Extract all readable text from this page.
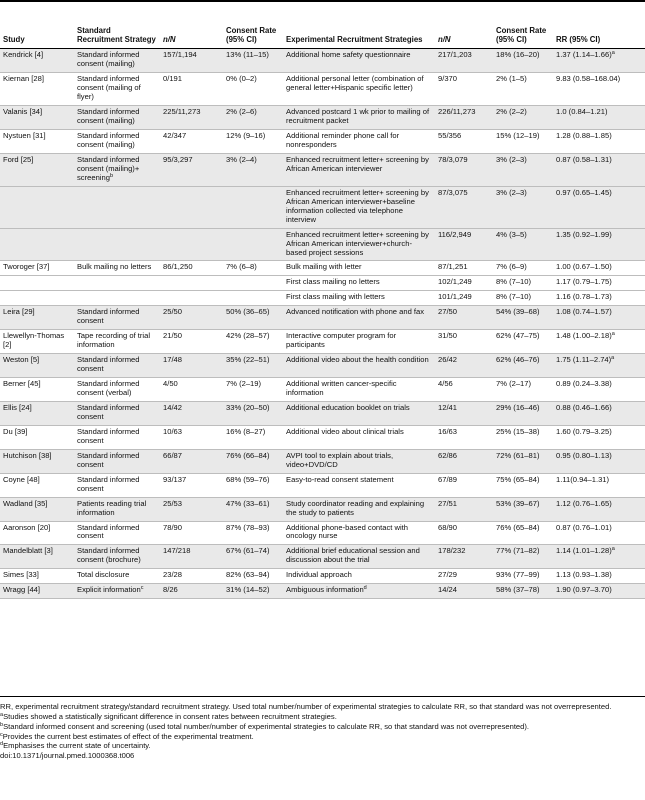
Study	Standard Recruitment Strategy	n/N	Consent Rate (95% CI)	Experimental Recruitment Strategies	n/N	Consent Rate (95% CI)	RR (95% CI)
Kendrick [4]	Standard informed consent (mailing)	157/1,194	13% (11–15)	Additional home safety questionnaire	217/1,203	18% (16–20)	1.37 $(1.14-1.66)^a$
Kiernan [28]	Standard informed consent (mailing of flyer)	0/191	0% (0–2)	Additional personal letter (combination of general letter+Hispanic specific letter)	9/370	2% (1–5)	9.83 (0.58–168.04)
Valanis [34]	Standard informed consent (mailing)	225/11,273	2% (2–6)	Advanced postcard 1 wk prior to mailing of recruitment packet	226/11,273	2% (2–2)	1.0 (0.84–1.21)
Nystuen [31]	Standard informed consent (mailing)	42/347	12% (9–16)	Additional reminder phone call for nonresponders	55/356	15% (12–19)	1.28 (0.88–1.85)
Ford [25]	Standard informed consent (mailing)+ screening$^b$	95/3,297	3% (2–4)	Enhanced recruitment letter+ screening by African American interviewer	78/3,079	3% (2–3)	0.87 (0.58–1.31)
				Enhanced recruitment letter+ screening by African American interviewer+baseline information collected via telephone interview	87/3,075	3% (2–3)	0.97 (0.65–1.45)
				Enhanced recruitment letter+ screening by African American interviewer+church-based project sessions	116/2,949	4% (3–5)	1.35 (0.92–1.99)
Tworoger [37]	Bulk mailing no letters	86/1,250	7% (6–8)	Bulk mailing with letter	87/1,251	7% (6–9)	1.00 (0.67–1.50)
				First class mailing no letters	102/1,249	8% (7–10)	1.17 (0.79–1.75)
				First class mailing with letters	101/1,249	8% (7–10)	1.16 (0.78–1.73)
Leira [29]	Standard informed consent	25/50	50% (36–65)	Advanced notification with phone and fax	27/50	54% (39–68)	1.08 (0.74–1.57)
Llewellyn-Thomas [2]	Tape recording of trial information	21/50	42% (28–57)	Interactive computer program for participants	31/50	62% (47–75)	1.48 $(1.00-2.18)^a$
Weston [5]	Standard informed consent	17/48	35% (22–51)	Additional video about the health condition	26/42	62% (46–76)	1.75 $(1.11-2.74)^a$
Berner [45]	Standard informed consent (verbal)	4/50	7% (2–19)	Additional written cancer-specific information	4/56	7% (2–17)	0.89 (0.24–3.38)
Ellis [24]	Standard informed consent	14/42	33% (20–50)	Additional education booklet on trials	12/41	29% (16–46)	0.88 (0.46–1.66)
Du [39]	Standard informed consent	10/63	16% (8–27)	Additional video about clinical trials	16/63	25% (15–38)	1.60 (0.79–3.25)
Hutchison [38]	Standard informed consent	66/87	76% (66–84)	AVPI tool to explain about trials, video+DVD/CD	62/86	72% (61–81)	0.95 (0.80–1.13)
Coyne [48]	Standard informed consent	93/137	68% (59–76)	Easy-to-read consent statement	67/89	75% (65–84)	1.11(0.94–1.31)
Wadland [35]	Patients reading trial information	25/53	47% (33–61)	Study coordinator reading and explaining the study to patients	27/51	53% (39–67)	1.12 (0.76–1.65)
Aaronson [20]	Standard informed consent	78/90	87% (78–93)	Additional phone-based contact with oncology nurse	68/90	76% (65–84)	0.87 (0.76–1.01)
Mandelblatt [3]	Standard informed consent (brochure)	147/218	67% (61–74)	Additional brief educational session and discussion about the trial	178/232	77% (71–82)	1.14 $(1.01-1.28)^a$
Simes [33]	Total disclosure	23/28	82% (63–94)	Individual approach	27/29	93% (77–99)	1.13 (0.93–1.38)
Wragg [44]	Explicit information$^c$	8/26	31% (14–52)	Ambiguous information$^d$	14/24	58% (37–78)	1.90 (0.97–3.70)
RR, experimental recruitment strategy/standard recruitment strategy. Used total number/number of experimental strategies to calculate RR, so that standard was not overrepresented.
$^a$Studies showed a statistically significant difference in consent rates between recruitment strategies.
$^b$Standard informed consent and screening (used total number/number of experimental strategies to calculate RR, so that standard was not overrepresented).
$^c$Provides the current best estimates of effect of the experimental treatment.
$^d$Emphasises the current state of uncertainty.
doi:10.1371/journal.pmed.1000368.t006
